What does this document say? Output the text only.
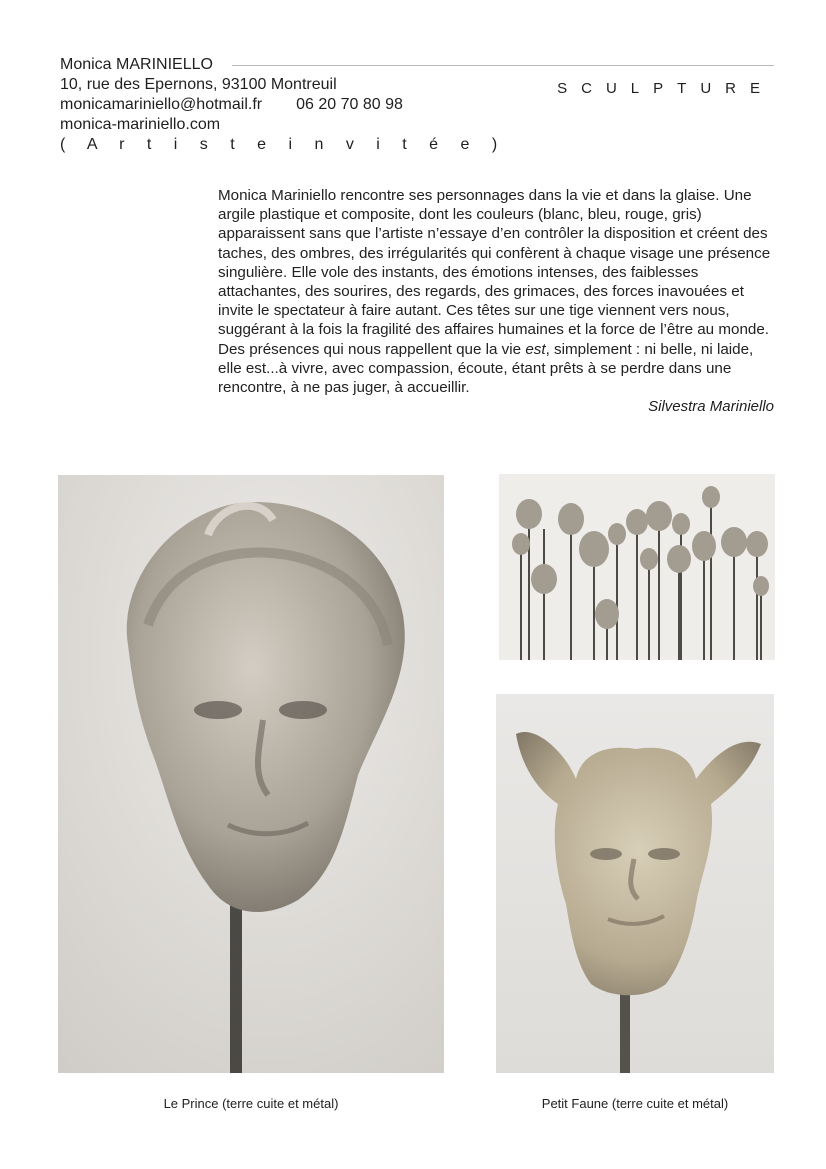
Monica MARINIELLO
10, rue des Epernons, 93100 Montreuil
monicamariniello@hotmail.fr 06 20 70 80 98
monica-mariniello.com
( A r t i s t e i n v i t é e )
SCULPTURE

Monica Mariniello rencontre ses personnages dans la vie et dans la glaise. Une argile plastique et composite, dont les couleurs (blanc, bleu, rouge, gris) apparaissent sans que l’artiste n’essaye d’en contrôler la disposition et créent des taches, des ombres, des irrégularités qui confèrent à chaque visage une présence singulière. Elle vole des instants, des émotions intenses, des faiblesses attachantes, des sourires, des regards, des grimaces, des forces inavouées et invite le spectateur à faire autant. Ces têtes sur une tige viennent vers nous, suggérant à la fois la fragilité des affaires humaines et la force de l’être au monde. Des présences qui nous rappellent que la vie est, simplement : ni belle, ni laide, elle est...à vivre, avec compassion, écoute, étant prêts à se perdre dans une rencontre, à ne pas juger, à accueillir.

Silvestra Mariniello
Le Prince (terre cuite et métal)	Petit Faune (terre cuite et métal)
